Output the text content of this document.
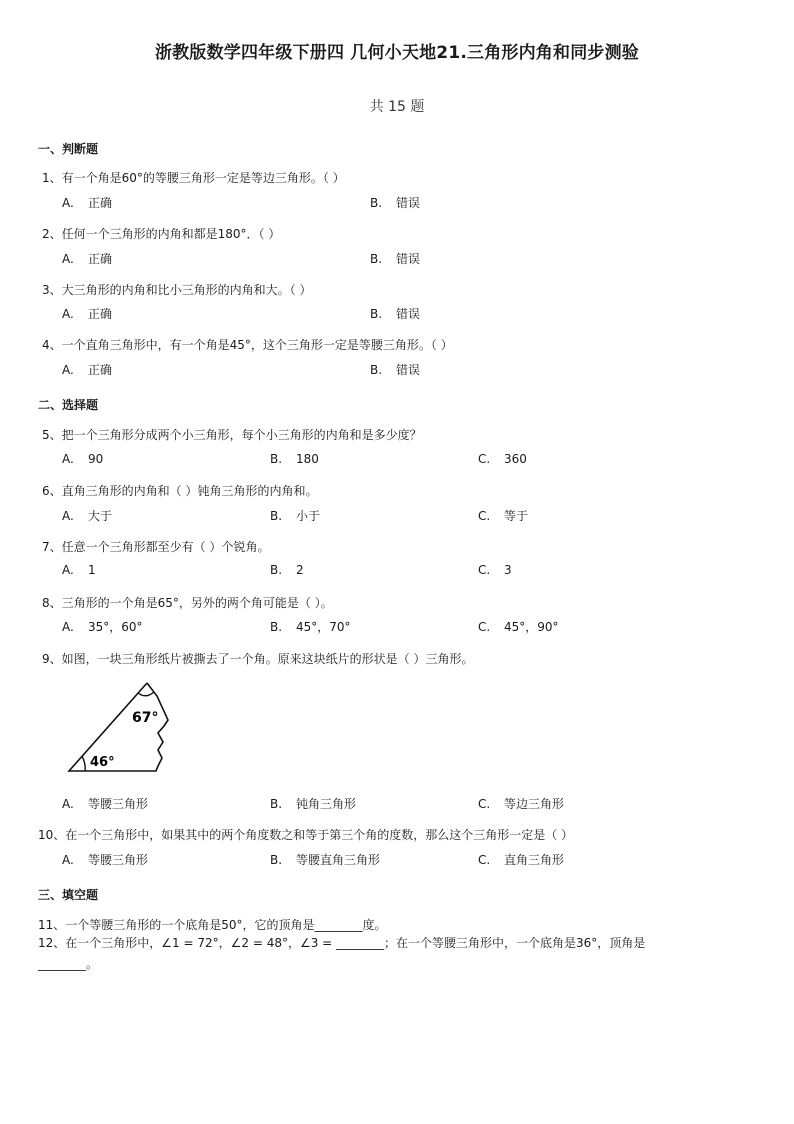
浙教版数学四年级下册四 几何小天地21.三角形内角和同步测验
共 15 题
一、判断题
1、有一个角是60°的等腰三角形一定是等边三角形。（ ）
A. 正确	B. 错误
2、任何一个三角形的内角和都是180°．（ ）
A. 正确	B. 错误
3、大三角形的内角和比小三角形的内角和大。（ ）
A. 正确	B. 错误
4、一个直角三角形中，有一个角是45°，这个三角形一定是等腰三角形。（ ）
A. 正确	B. 错误
二、选择题
5、把一个三角形分成两个小三角形，每个小三角形的内角和是多少度？
A. 90	B. 180	C. 360
6、直角三角形的内角和（ ）钝角三角形的内角和。
A. 大于	B. 小于	C. 等于
7、任意一个三角形都至少有（ ）个锐角。
A. 1	B. 2	C. 3
8、三角形的一个角是65°，另外的两个角可能是（ ）。
A. 35°，60°	B. 45°，70°	C. 45°，90°
9、如图，一块三角形纸片被撕去了一个角。原来这块纸片的形状是（ ）三角形。
67°
46°
A. 等腰三角形	B. 钝角三角形	C. 等边三角形
10、在一个三角形中，如果其中的两个角度数之和等于第三个角的度数，那么这个三角形一定是（ ）
A. 等腰三角形	B. 等腰直角三角形	C. 直角三角形
三、填空题
11、一个等腰三角形的一个底角是50°，它的顶角是________度。
12、在一个三角形中，∠1 = 72°，∠2 = 48°，∠3 = ________；在一个等腰三角形中，一个底角是36°，顶角是________。
